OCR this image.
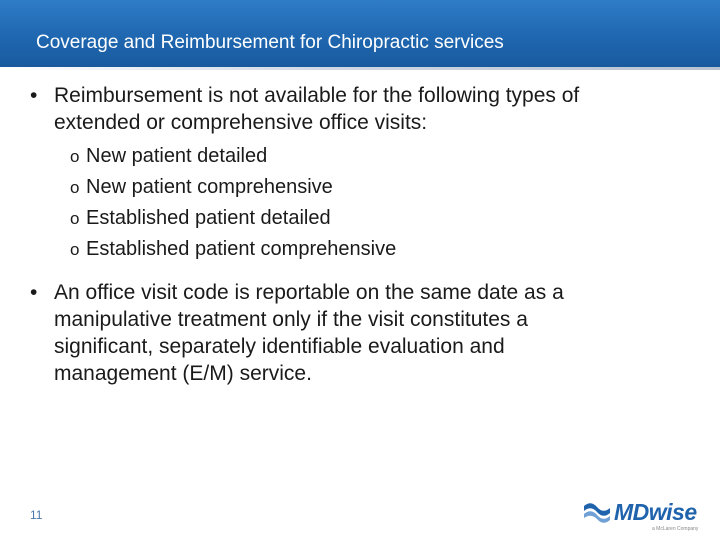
Coverage and Reimbursement for Chiropractic services
• Reimbursement is not available for the following types of
extended or comprehensive office visits:
o New patient detailed
o New patient comprehensive
o Established patient detailed
o Established patient comprehensive
• An office visit code is reportable on the same date as a
manipulative treatment only if the visit constitutes a
significant, separately identifiable evaluation and
management (E/M) service.
11	MDwise
a McLaren Company
